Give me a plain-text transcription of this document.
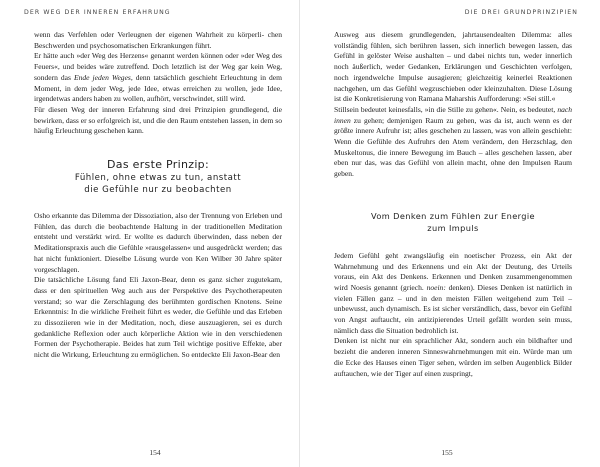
DER WEG DER INNEREN ERFAHRUNG

wenn das Verfehlen oder Verleugnen der eigenen Wahrheit zu körperli- chen Beschwerden und psychosomatischen Erkrankungen führt.

Er hätte auch »der Weg des Herzens« genannt werden können oder »der Weg des Feuers«, und beides wäre zutreffend. Doch letztlich ist der Weg gar kein Weg, sondern das Ende jeden Weges, denn tatsächlich geschieht Erleuchtung in dem Moment, in dem jeder Weg, jede Idee, etwas erreichen zu wollen, jede Idee, irgendetwas anders haben zu wollen, aufhört, verschwindet, still wird.

Für diesen Weg der inneren Erfahrung sind drei Prinzipien grundlegend, die bewirken, dass er so erfolgreich ist, und die den Raum entstehen lassen, in dem so häufig Erleuchtung geschehen kann.

Das erste Prinzip:
Fühlen, ohne etwas zu tun, anstatt
die Gefühle nur zu beobachten

Osho erkannte das Dilemma der Dissoziation, also der Trennung von Erleben und Fühlen, das durch die beobachtende Haltung in der traditionellen Meditation entsteht und verstärkt wird. Er wollte es dadurch überwinden, dass neben der Meditationspraxis auch die Gefühle »rausgelassen« und ausgedrückt werden; das hat nicht funktioniert. Dieselbe Lösung wurde von Ken Wilber 30 Jahre später vorgeschlagen.

Die tatsächliche Lösung fand Eli Jaxon-Bear, denn es ganz sicher zugutekam, dass er den spirituellen Weg auch aus der Perspektive des Psychotherapeuten verstand; so war die Zerschlagung des berühmten gordischen Knotens. Seine Erkenntnis: In die wirkliche Freiheit führt es weder, die Gefühle und das Erleben zu dissoziieren wie in der Meditation, noch, diese auszuagieren, sei es durch gedankliche Reflexion oder auch körperliche Aktion wie in den verschiedenen Formen der Psychotherapie. Beides hat zum Teil wichtige positive Effekte, aber nicht die Wirkung, Erleuchtung zu ermöglichen. So entdeckte Eli Jaxon-Bear den

154
DIE DREI GRUNDPRINZIPIEN

Ausweg aus diesem grundlegenden, jahrtausendealten Dilemma: alles vollständig fühlen, sich berühren lassen, sich innerlich bewegen lassen, das Gefühl in gelöster Weise aushalten – und dabei nichts tun, weder innerlich noch äußerlich, weder Gedanken, Erklärungen und Geschichten verfolgen, noch irgendwelche Impulse ausagieren; gleichzeitig keinerlei Reaktionen nachgehen, um das Gefühl wegzuschieben oder kleinzuhalten. Diese Lösung ist die Konkretisierung von Ramana Maharshis Aufforderung: »Sei still.«

Stillsein bedeutet keinesfalls, »in die Stille zu gehen«. Nein, es bedeutet, nach innen zu gehen; demjenigen Raum zu gehen, was da ist, auch wenn es der größte innere Aufruhr ist; alles geschehen zu lassen, was von allein geschieht: Wenn die Gefühle des Aufruhrs den Atem verändern, den Herzschlag, den Muskeltonus, die innere Bewegung im Bauch – alles geschehen lassen, aber eben nur das, was das Gefühl von allein macht, ohne den Impulsen Raum geben.

Vom Denken zum Fühlen zur Energie
zum Impuls

Jedem Gefühl geht zwangsläufig ein noetischer Prozess, ein Akt der Wahrnehmung und des Erkennens und ein Akt der Deutung, des Urteils voraus, ein Akt des Denkens. Erkennen und Denken zusammengenommen wird Noesis genannt (griech. noein: denken). Dieses Denken ist natürlich in vielen Fällen ganz – und in den meisten Fällen weitgehend zum Teil – unbewusst, auch dynamisch. Es ist sicher verständlich, dass, bevor ein Gefühl von Angst auftaucht, ein antizipierendes Urteil gefällt worden sein muss, nämlich dass die Situation bedrohlich ist.

Denken ist nicht nur ein sprachlicher Akt, sondern auch ein bildhafter und bezieht die anderen inneren Sinneswahrnehmungen mit ein. Würde man um die Ecke des Hauses einen Tiger sehen, würden im selben Augenblick Bilder auftauchen, wie der Tiger auf einen zuspringt,

155
